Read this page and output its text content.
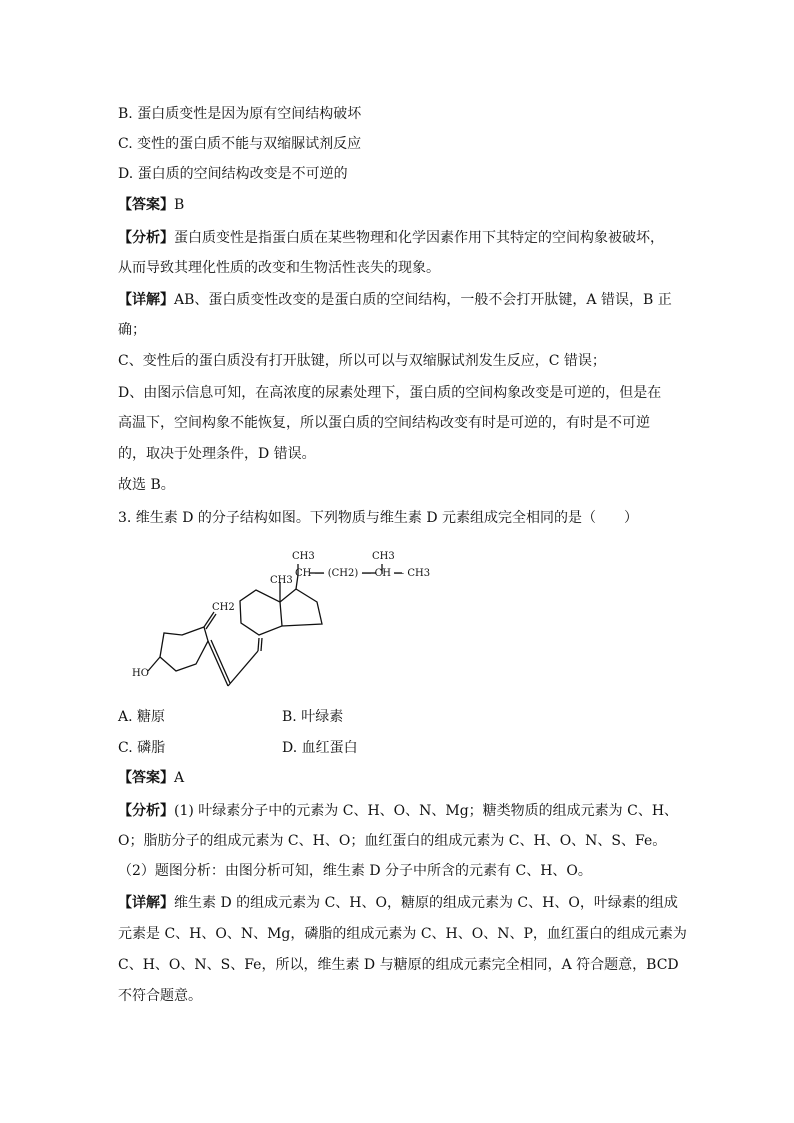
B. 蛋白质变性是因为原有空间结构破坏
C. 变性的蛋白质不能与双缩脲试剂反应
D. 蛋白质的空间结构改变是不可逆的
【答案】B
【分析】蛋白质变性是指蛋白质在某些物理和化学因素作用下其特定的空间构象被破坏，
从而导致其理化性质的改变和生物活性丧失的现象。
【详解】AB、蛋白质变性改变的是蛋白质的空间结构，一般不会打开肽键，A 错误，B 正
确；
C、变性后的蛋白质没有打开肽键，所以可以与双缩脲试剂发生反应，C 错误；
D、由图示信息可知，在高浓度的尿素处理下，蛋白质的空间构象改变是可逆的，但是在
高温下，空间构象不能恢复，所以蛋白质的空间结构改变有时是可逆的，有时是不可逆
的，取决于处理条件，D 错误。
故选 B。
3. 维生素 D 的分子结构如图。下列物质与维生素 D 元素组成完全相同的是（　　）
CH3	CH3
CH — (CH2) — CH — CH3
CH3
CH2
HO
A. 糖原	B. 叶绿素
C. 磷脂	D. 血红蛋白
【答案】A
【分析】(1) 叶绿素分子中的元素为 C、H、O、N、Mg；糖类物质的组成元素为 C、H、
O；脂肪分子的组成元素为 C、H、O；血红蛋白的组成元素为 C、H、O、N、S、Fe。
（2）题图分析：由图分析可知，维生素 D 分子中所含的元素有 C、H、O。
【详解】维生素 D 的组成元素为 C、H、O，糖原的组成元素为 C、H、O，叶绿素的组成
元素是 C、H、O、N、Mg，磷脂的组成元素为 C、H、O、N、P，血红蛋白的组成元素为
C、H、O、N、S、Fe，所以，维生素 D 与糖原的组成元素完全相同，A 符合题意，BCD
不符合题意。
